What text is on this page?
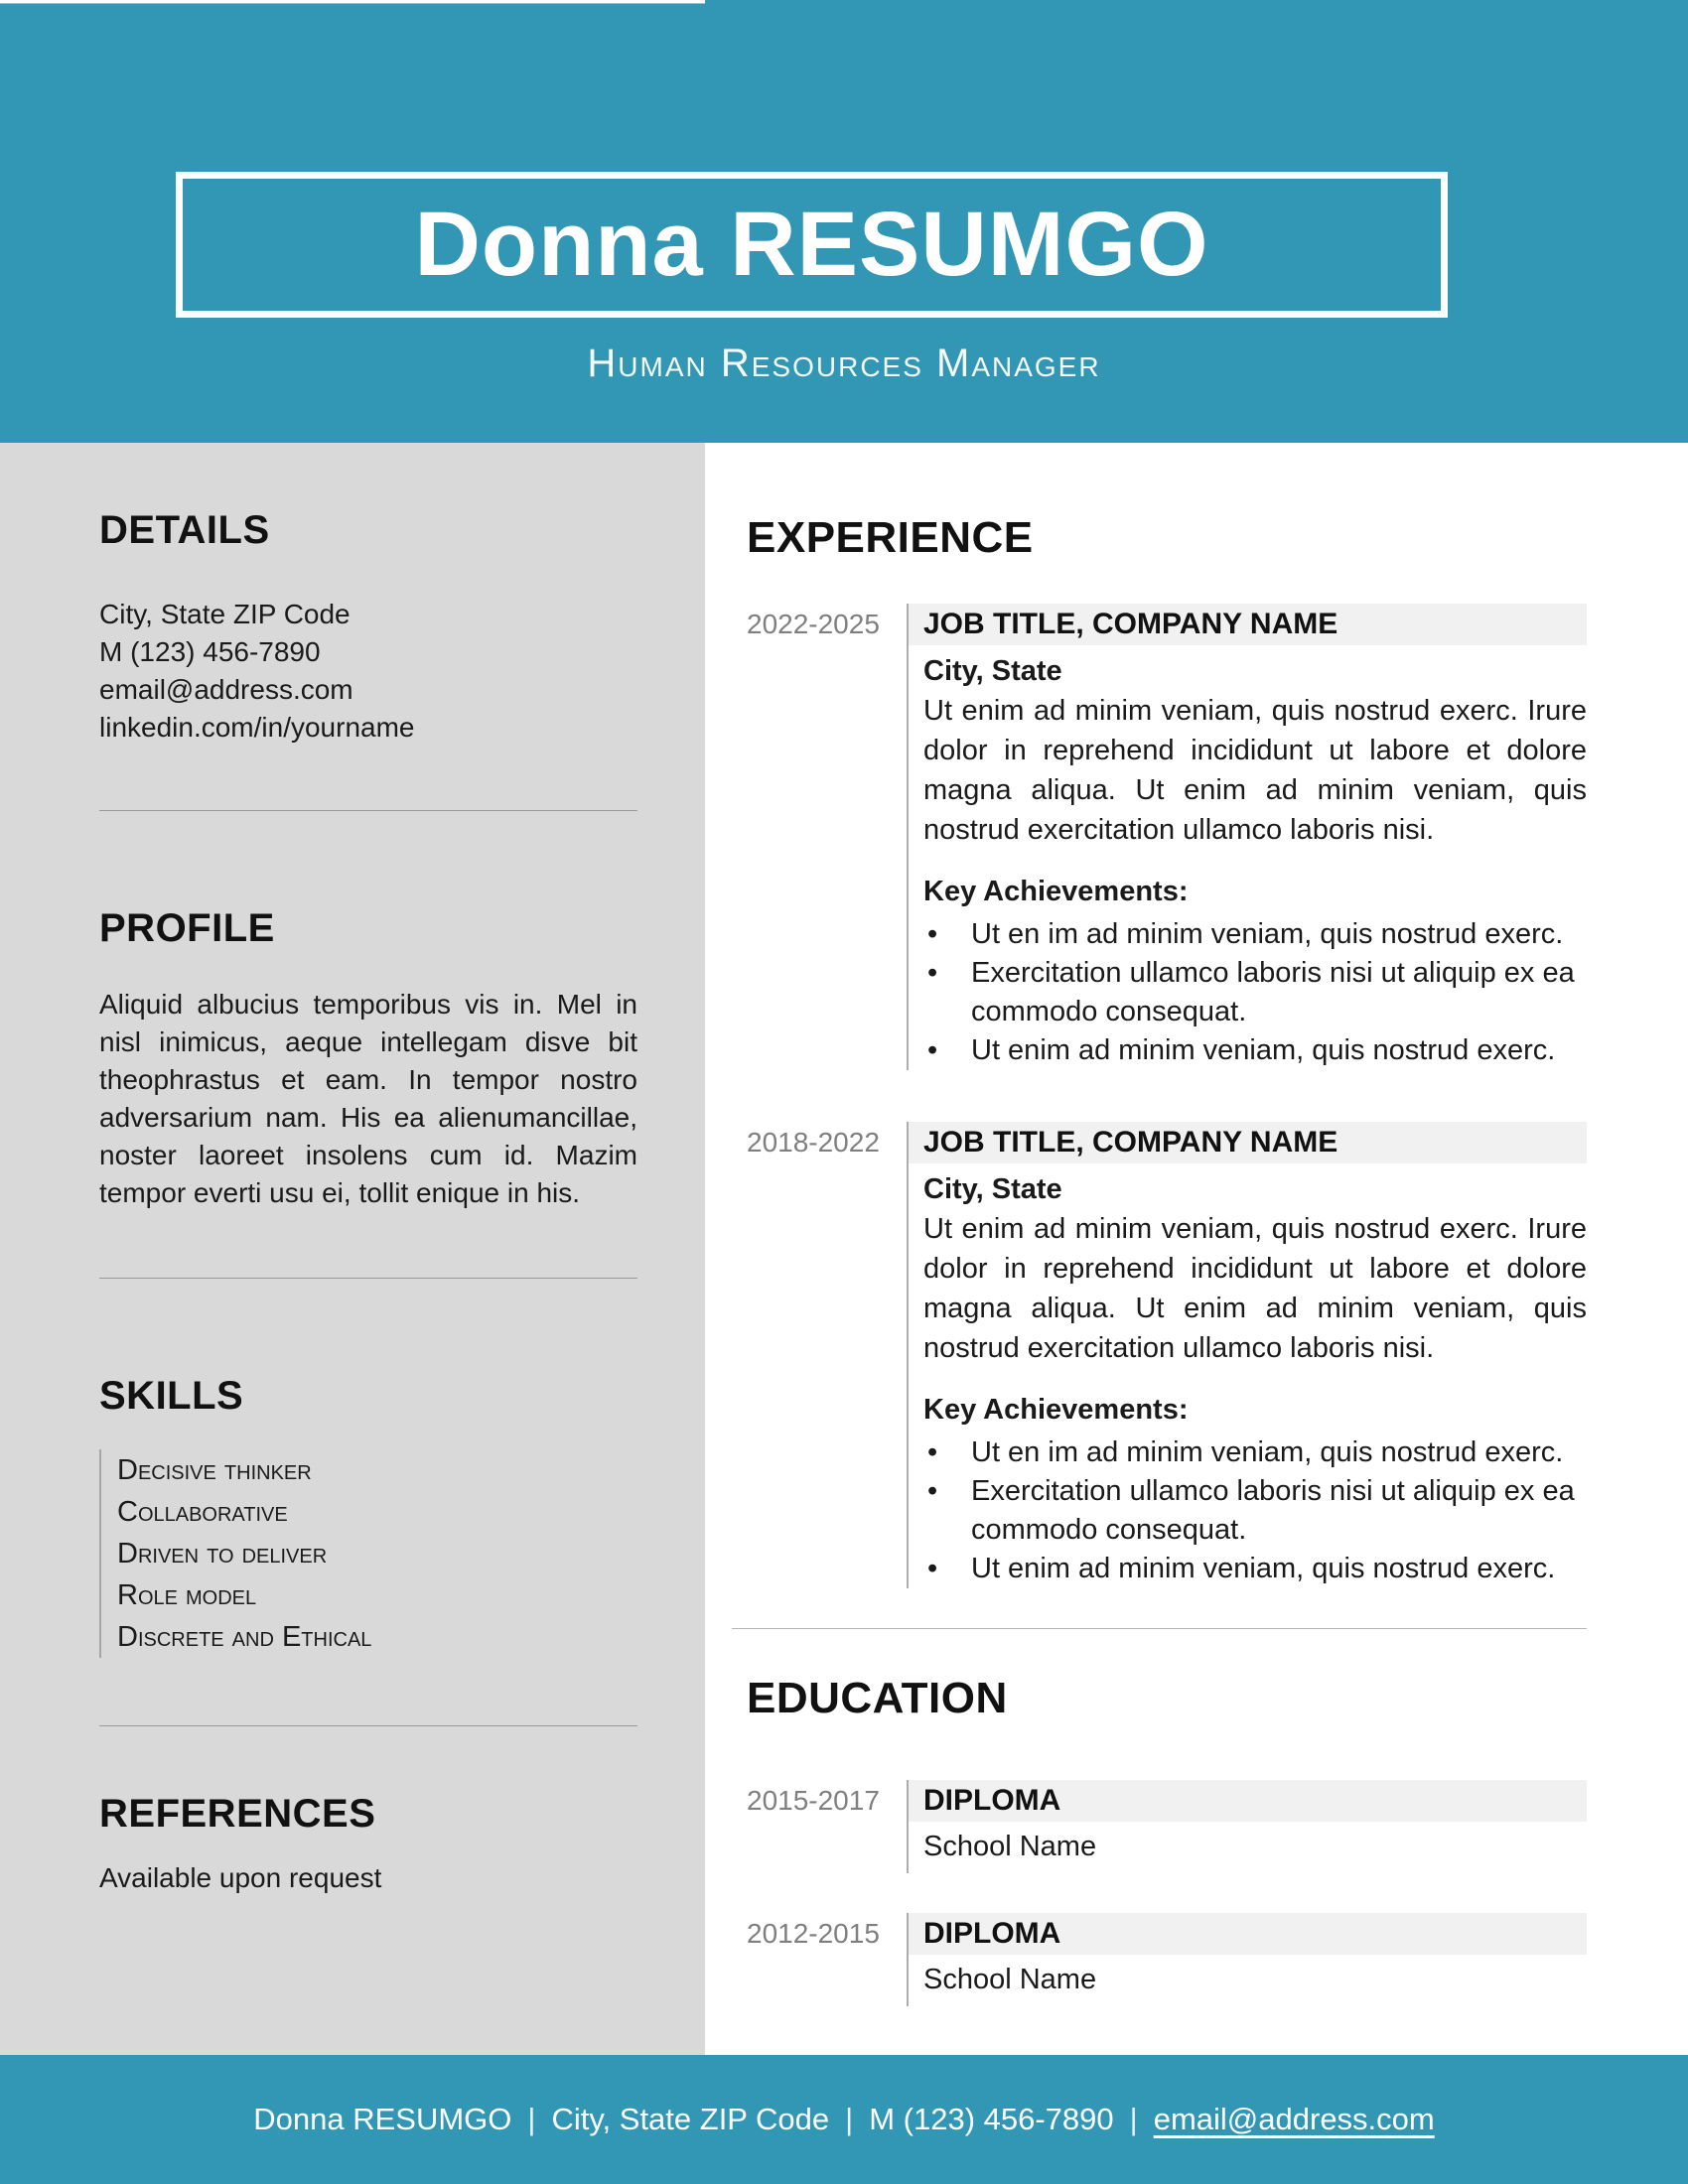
Donna RESUMGO
Human Resources Manager
DETAILS
City, State ZIP Code
M (123) 456-7890
email@address.com
linkedin.com/in/yourname
PROFILE
Aliquid albucius temporibus vis in. Mel in nisl inimicus, aeque intellegam disve bit theophrastus et eam. In tempor nostro adversarium nam. His ea alienumancillae, noster laoreet insolens cum id. Mazim tempor everti usu ei, tollit enique in his.
SKILLS
Decisive thinker
Collaborative
Driven to deliver
Role model
Discrete and Ethical
REFERENCES
Available upon request
EXPERIENCE
2022-2025	JOB TITLE, COMPANY NAME
City, State
Ut enim ad minim veniam, quis nostrud exerc. Irure dolor in reprehend incididunt ut labore et dolore magna aliqua. Ut enim ad minim veniam, quis nostrud exercitation ullamco laboris nisi.
Key Achievements:
•	Ut en im ad minim veniam, quis nostrud exerc.
•	Exercitation ullamco laboris nisi ut aliquip ex ea commodo consequat.
•	Ut enim ad minim veniam, quis nostrud exerc.
2018-2022	JOB TITLE, COMPANY NAME
City, State
Ut enim ad minim veniam, quis nostrud exerc. Irure dolor in reprehend incididunt ut labore et dolore magna aliqua. Ut enim ad minim veniam, quis nostrud exercitation ullamco laboris nisi.
Key Achievements:
•	Ut en im ad minim veniam, quis nostrud exerc.
•	Exercitation ullamco laboris nisi ut aliquip ex ea commodo consequat.
•	Ut enim ad minim veniam, quis nostrud exerc.
EDUCATION
2015-2017	DIPLOMA
School Name
2012-2015	DIPLOMA
School Name
Donna RESUMGO | City, State ZIP Code | M (123) 456-7890 | email@address.com
